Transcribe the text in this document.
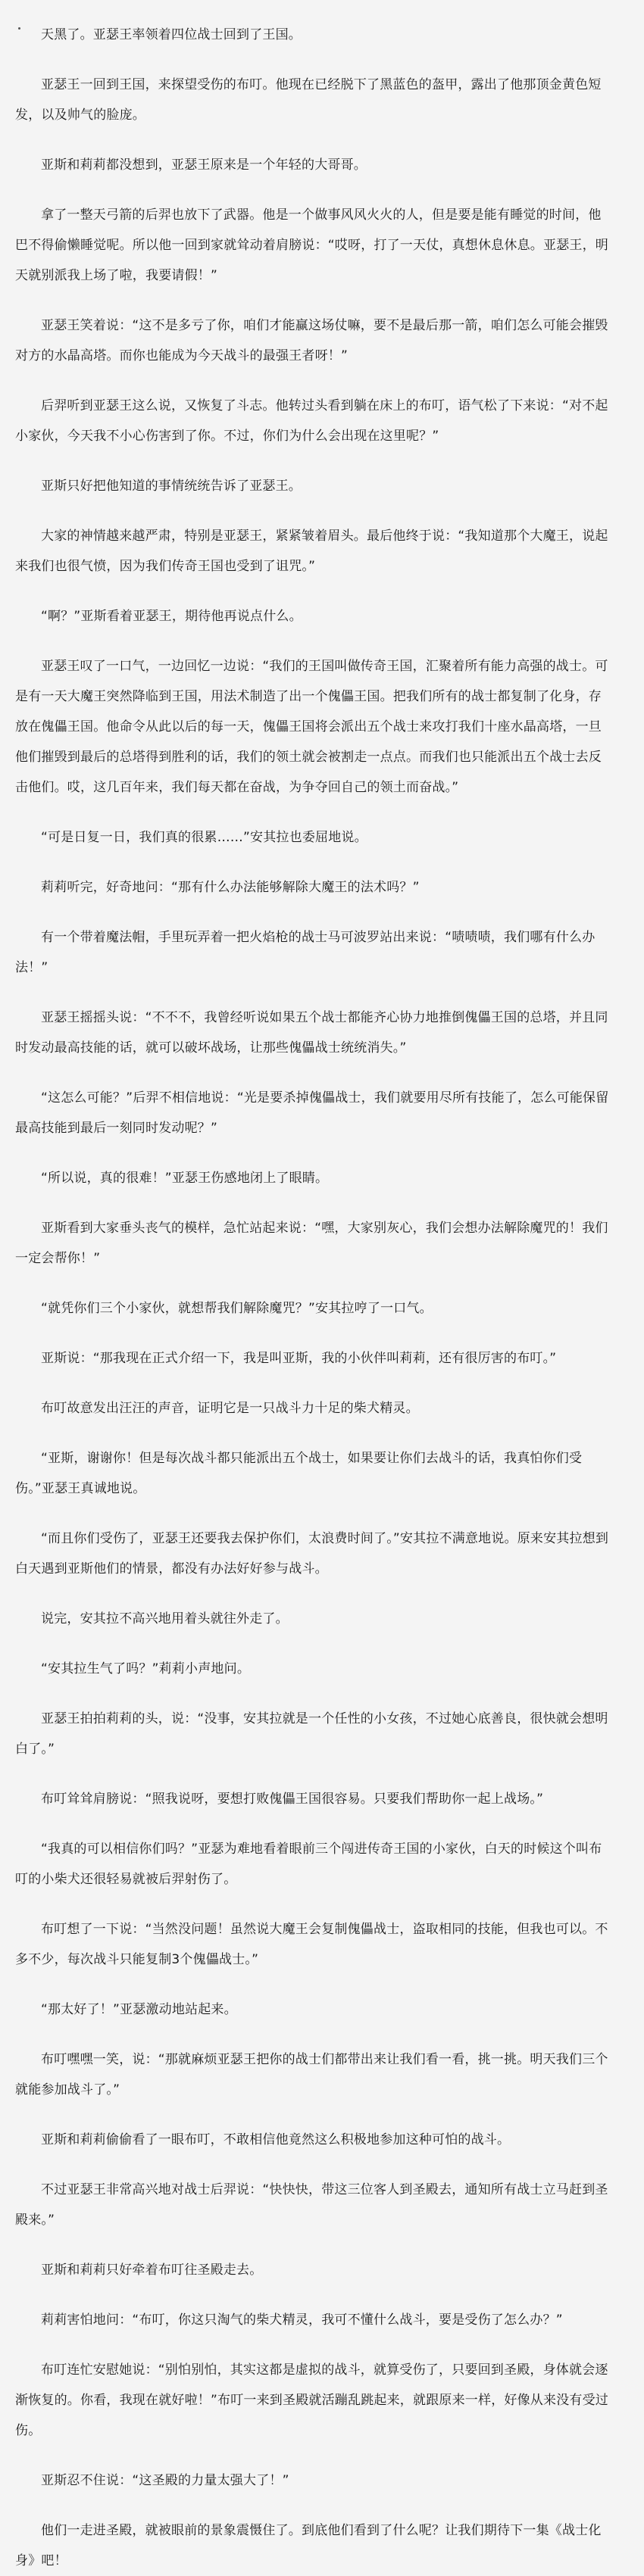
天黑了。亚瑟王率领着四位战士回到了王国。

亚瑟王一回到王国，来探望受伤的布叮。他现在已经脱下了黑蓝色的盔甲，露出了他那顶金黄色短发，以及帅气的脸庞。

亚斯和莉莉都没想到，亚瑟王原来是一个年轻的大哥哥。

拿了一整天弓箭的后羿也放下了武器。他是一个做事风风火火的人，但是要是能有睡觉的时间，他巴不得偷懒睡觉呢。所以他一回到家就耸动着肩膀说：“哎呀，打了一天仗，真想休息休息。亚瑟王，明天就别派我上场了啦，我要请假！”

亚瑟王笑着说：“这不是多亏了你，咱们才能赢这场仗嘛，要不是最后那一箭，咱们怎么可能会摧毁对方的水晶高塔。而你也能成为今天战斗的最强王者呀！”

后羿听到亚瑟王这么说，又恢复了斗志。他转过头看到躺在床上的布叮，语气松了下来说：“对不起小家伙，今天我不小心伤害到了你。不过，你们为什么会出现在这里呢？”

亚斯只好把他知道的事情统统告诉了亚瑟王。

大家的神情越来越严肃，特别是亚瑟王，紧紧皱着眉头。最后他终于说：“我知道那个大魔王，说起来我们也很气愤，因为我们传奇王国也受到了诅咒。”

“啊？”亚斯看着亚瑟王，期待他再说点什么。

亚瑟王叹了一口气，一边回忆一边说：“我们的王国叫做传奇王国，汇聚着所有能力高强的战士。可是有一天大魔王突然降临到王国，用法术制造了出一个傀儡王国。把我们所有的战士都复制了化身，存放在傀儡王国。他命令从此以后的每一天，傀儡王国将会派出五个战士来攻打我们十座水晶高塔，一旦他们摧毁到最后的总塔得到胜利的话，我们的领土就会被割走一点点。而我们也只能派出五个战士去反击他们。哎，这几百年来，我们每天都在奋战，为争夺回自己的领土而奋战。”

“可是日复一日，我们真的很累……”安其拉也委屈地说。

莉莉听完，好奇地问：“那有什么办法能够解除大魔王的法术吗？”

有一个带着魔法帽，手里玩弄着一把火焰枪的战士马可波罗站出来说：“啧啧啧，我们哪有什么办法！”

亚瑟王摇摇头说：“不不不，我曾经听说如果五个战士都能齐心协力地推倒傀儡王国的总塔，并且同时发动最高技能的话，就可以破坏战场，让那些傀儡战士统统消失。”

“这怎么可能？”后羿不相信地说：“光是要杀掉傀儡战士，我们就要用尽所有技能了，怎么可能保留最高技能到最后一刻同时发动呢？”

“所以说，真的很难！”亚瑟王伤感地闭上了眼睛。

亚斯看到大家垂头丧气的模样，急忙站起来说：“嘿，大家别灰心，我们会想办法解除魔咒的！我们一定会帮你！”

“就凭你们三个小家伙，就想帮我们解除魔咒？”安其拉哼了一口气。

亚斯说：“那我现在正式介绍一下，我是叫亚斯，我的小伙伴叫莉莉，还有很厉害的布叮。”

布叮故意发出汪汪的声音，证明它是一只战斗力十足的柴犬精灵。

“亚斯，谢谢你！但是每次战斗都只能派出五个战士，如果要让你们去战斗的话，我真怕你们受伤。”亚瑟王真诚地说。

“而且你们受伤了，亚瑟王还要我去保护你们，太浪费时间了。”安其拉不满意地说。原来安其拉想到白天遇到亚斯他们的情景，都没有办法好好参与战斗。

说完，安其拉不高兴地用着头就往外走了。

“安其拉生气了吗？”莉莉小声地问。

亚瑟王拍拍莉莉的头，说：“没事，安其拉就是一个任性的小女孩，不过她心底善良，很快就会想明白了。”

布叮耸耸肩膀说：“照我说呀，要想打败傀儡王国很容易。只要我们帮助你一起上战场。”

“我真的可以相信你们吗？”亚瑟为难地看着眼前三个闯进传奇王国的小家伙，白天的时候这个叫布叮的小柴犬还很轻易就被后羿射伤了。

布叮想了一下说：“当然没问题！虽然说大魔王会复制傀儡战士，盗取相同的技能，但我也可以。不多不少，每次战斗只能复制3个傀儡战士。”

“那太好了！”亚瑟激动地站起来。

布叮嘿嘿一笑，说：“那就麻烦亚瑟王把你的战士们都带出来让我们看一看，挑一挑。明天我们三个就能参加战斗了。”

亚斯和莉莉偷偷看了一眼布叮，不敢相信他竟然这么积极地参加这种可怕的战斗。

不过亚瑟王非常高兴地对战士后羿说：“快快快，带这三位客人到圣殿去，通知所有战士立马赶到圣殿来。”

亚斯和莉莉只好牵着布叮往圣殿走去。

莉莉害怕地问：“布叮，你这只淘气的柴犬精灵，我可不懂什么战斗，要是受伤了怎么办？”

布叮连忙安慰她说：“别怕别怕，其实这都是虚拟的战斗，就算受伤了，只要回到圣殿，身体就会逐渐恢复的。你看，我现在就好啦！”布叮一来到圣殿就活蹦乱跳起来，就跟原来一样，好像从来没有受过伤。

亚斯忍不住说：“这圣殿的力量太强大了！”

他们一走进圣殿，就被眼前的景象震慑住了。到底他们看到了什么呢？让我们期待下一集《战士化身》吧！
